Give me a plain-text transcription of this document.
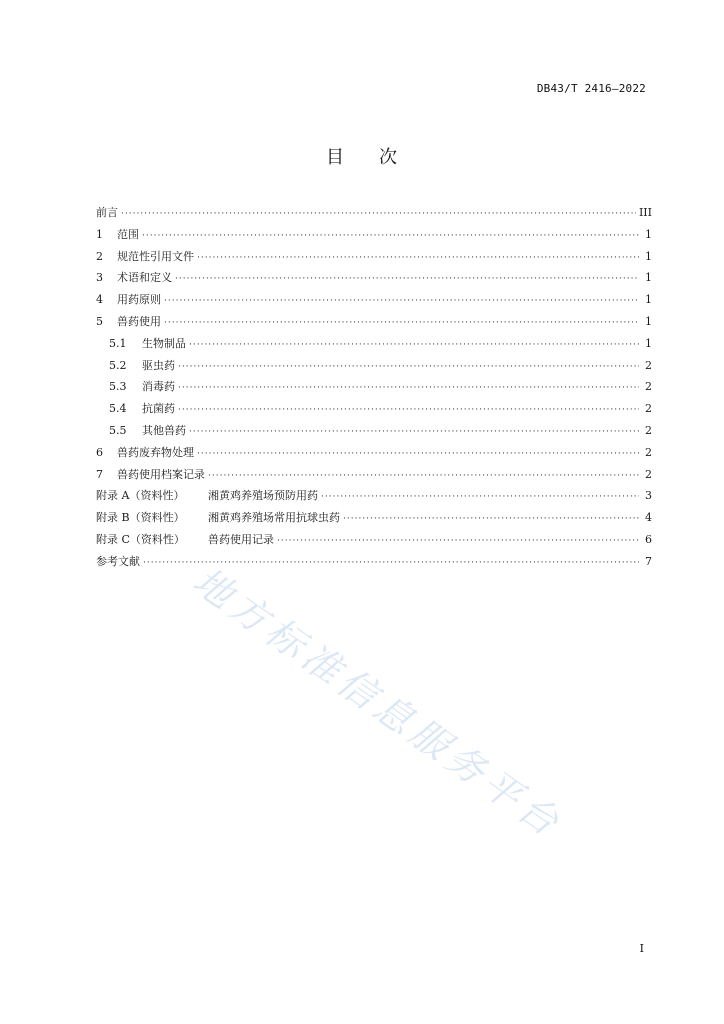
DB43/T 2416—2022
目 次
前言 ·····	III
1	范围 ·····	1
2	规范性引用文件 ·····	1
3	术语和定义 ·····	1
4	用药原则 ·····	1
5	兽药使用 ·····	1
5.1	生物制品 ·····	1
5.2	驱虫药 ·····	2
5.3	消毒药 ·····	2
5.4	抗菌药 ·····	2
5.5	其他兽药 ·····	2
6	兽药废弃物处理 ·····	2
7	兽药使用档案记录 ·····	2
附录 A（资料性）	湘黄鸡养殖场预防用药 ·····	3
附录 B（资料性）	湘黄鸡养殖场常用抗球虫药 ·····	4
附录 C（资料性）	兽药使用记录 ·····	6
参考文献 ·····	7
地方标准信息服务平台
I
